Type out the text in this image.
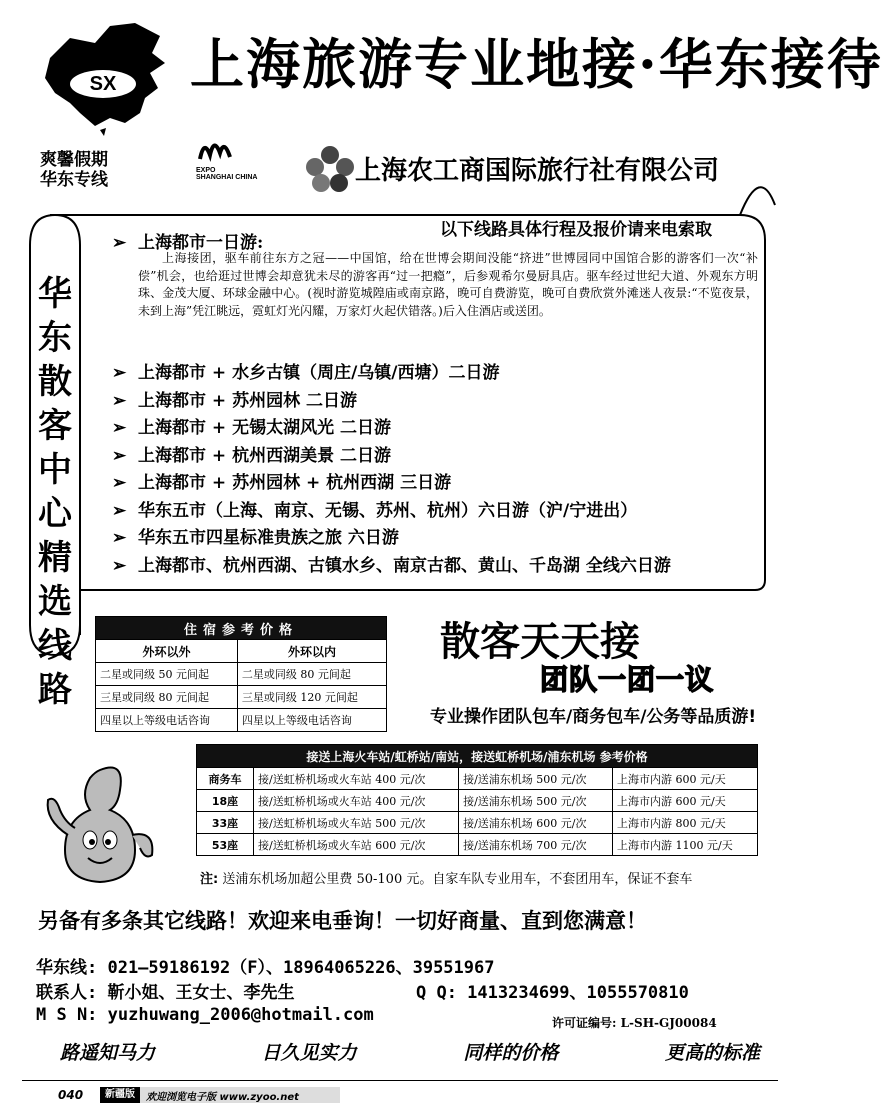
SX	上海旅游专业地接·华东接待
爽馨假期
华东专线	EXPO
SHANGHAI CHINA	上海农工商国际旅行社有限公司
华
东
散
客
中
心
精
选
线
路
以下线路具体行程及报价请来电索取
➢ 上海都市一日游:
上海接团，驱车前往东方之冠——中国馆，给在世博会期间没能“挤进”世博园同中国馆合影的游客们一次“补偿”机会，也给逛过世博会却意犹未尽的游客再“过一把瘾”，后参观希尔曼厨具店。驱车经过世纪大道、外观东方明珠、金茂大厦、环球金融中心。(视时游览城隍庙或南京路，晚可自费游览，晚可自费欣赏外滩迷人夜景:“不览夜景，未到上海”凭江眺远，霓虹灯光闪耀，万家灯火起伏错落。)后入住酒店或送团。
➢ 上海都市 + 水乡古镇（周庄/乌镇/西塘）二日游
➢ 上海都市 + 苏州园林 二日游
➢ 上海都市 + 无锡太湖风光 二日游
➢ 上海都市 + 杭州西湖美景 二日游
➢ 上海都市 + 苏州园林 + 杭州西湖 三日游
➢ 华东五市（上海、南京、无锡、苏州、杭州）六日游（沪/宁进出）
➢ 华东五市四星标准贵族之旅 六日游
➢ 上海都市、杭州西湖、古镇水乡、南京古都、黄山、千岛湖 全线六日游
住宿参考价格	
外环以外	外环以内
二星或同级 50 元间起	二星或同级 80 元间起
三星或同级 80 元间起	三星或同级 120 元间起
四星以上等级电话咨询	四星以上等级电话咨询
散客天天接
团队一团一议
专业操作团队包车/商务包车/公务等品质游!
接送上海火车站/虹桥站/南站，接送虹桥机场/浦东机场 参考价格			
商务车	接/送虹桥机场或火车站 400 元/次	接/送浦东机场 500 元/次	上海市内游 600 元/天
18座	接/送虹桥机场或火车站 400 元/次	接/送浦东机场 500 元/次	上海市内游 600 元/天
33座	接/送虹桥机场或火车站 500 元/次	接/送浦东机场 600 元/次	上海市内游 800 元/天
53座	接/送虹桥机场或火车站 600 元/次	接/送浦东机场 700 元/次	上海市内游 1100 元/天
注: 送浦东机场加超公里费 50-100 元。自家车队专业用车，不套团用车，保证不套车
另备有多条其它线路！欢迎来电垂询！一切好商量、直到您满意！
华东线: 021—59186192（F）、18964065226、39551967
联系人: 靳小姐、王女士、李先生	Q Q: 1413234699、1055570810
M S N: yuzhuwang_2006@hotmail.com	许可证编号: L-SH-GJ00084
路遥知马力	日久见实力	同样的价格	更高的标准
040	新疆版	欢迎浏览电子版 www.zyoo.net
